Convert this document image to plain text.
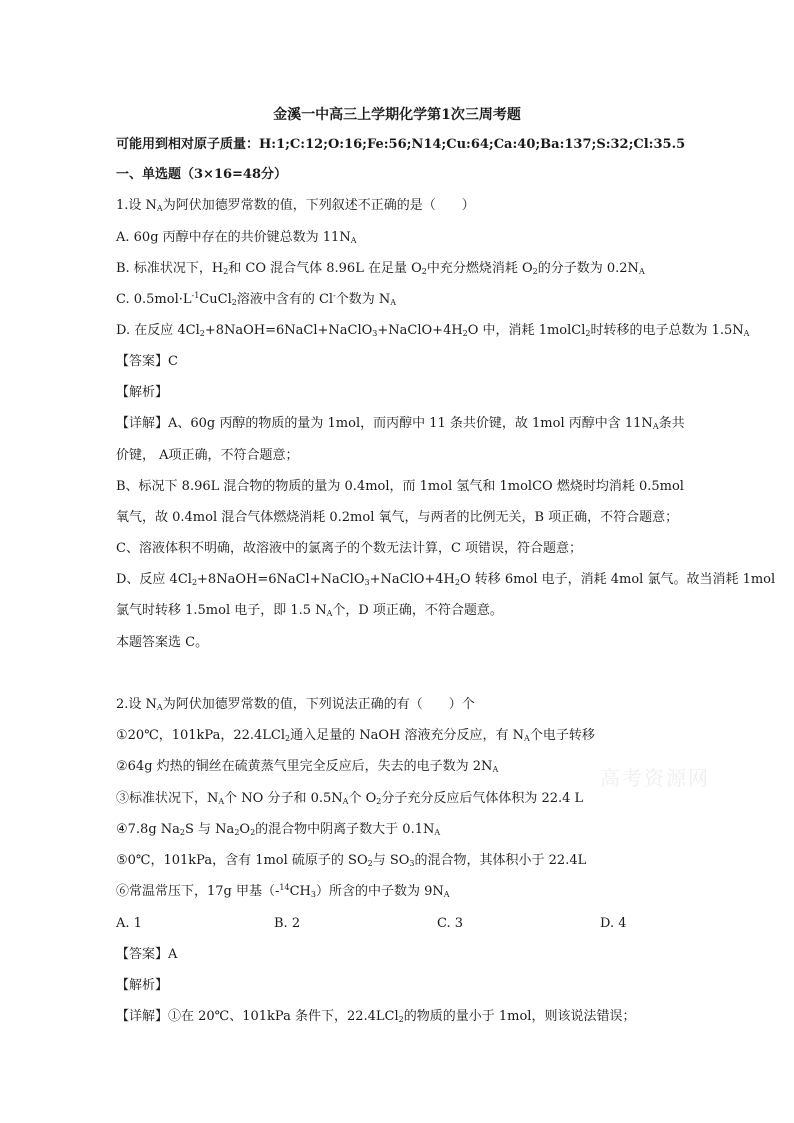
金溪一中高三上学期化学第1次三周考题
可能用到相对原子质量：H:1;C:12;O:16;Fe:56;N14;Cu:64;Ca:40;Ba:137;S:32;Cl:35.5
一、单选题（3×16=48分）
1.设 $N_A$为阿伏加德罗常数的值，下列叙述不正确的是（　　）
A. 60g 丙醇中存在的共价键总数为 $11N_A$
B. 标准状况下，$H_2$和 CO 混合气体 8.96L 在足量 $O_2$中充分燃烧消耗 $O_2$的分子数为 $0.2N_A$
C. $0.5mol\cdot L^{-1}CuCl_2$溶液中含有的 Cl-个数为 $N_A$
D. 在反应 $4Cl_2+8NaOH=6NaCl+NaClO_3+NaClO+4H_2O$ 中，消耗 1molCl$_2$时转移的电子总数为 $1.5N_A$
【答案】C
【解析】
【详解】A、60g 丙醇的物质的量为 1mol，而丙醇中 11 条共价键，故 1mol 丙醇中含 $11N_A$条共
价键， A项正确，不符合题意；
B、标况下 8.96L 混合物的物质的量为 0.4mol，而 1mol 氢气和 1molCO 燃烧时均消耗 0.5mol
氧气，故 0.4mol 混合气体燃烧消耗 0.2mol 氧气，与两者的比例无关，B 项正确，不符合题意；
C、溶液体积不明确，故溶液中的氯离子的个数无法计算，C 项错误，符合题意；
D、反应 $4Cl_2+8NaOH=6NaCl+NaClO_3+NaClO+4H_2O$ 转移 6mol 电子，消耗 4mol 氯气。故当消耗 1mol
氯气时转移 1.5mol 电子，即 1.5 $N_A$个，D 项正确，不符合题意。
本题答案选 C。
2.设 $N_A$为阿伏加德罗常数的值，下列说法正确的有（　　）个
①20℃，101kPa，22.4LCl$_2$通入足量的 NaOH 溶液充分反应，有 $N_A$个电子转移
②64g 灼热的铜丝在硫黄蒸气里完全反应后，失去的电子数为 $2N_A$
③标准状况下，$N_A$个 NO 分子和 $0.5N_A$个 $O_2$分子充分反应后气体体积为 22.4 L
④7.8g $Na_2S$ 与 $Na_2O_2$的混合物中阴离子数大于 $0.1N_A$
⑤0℃，101kPa，含有 1mol 硫原子的 $SO_2$与 $SO_3$的混合物，其体积小于 22.4L
⑥常温常压下，17g 甲基$(-^{14}CH_3)$所含的中子数为 $9N_A$
A. 1	B. 2	C. 3	D. 4
【答案】A
【解析】
【详解】①在 20℃、101kPa 条件下，22.4LCl$_2$的物质的量小于 1mol，则该说法错误；
高考资源网
